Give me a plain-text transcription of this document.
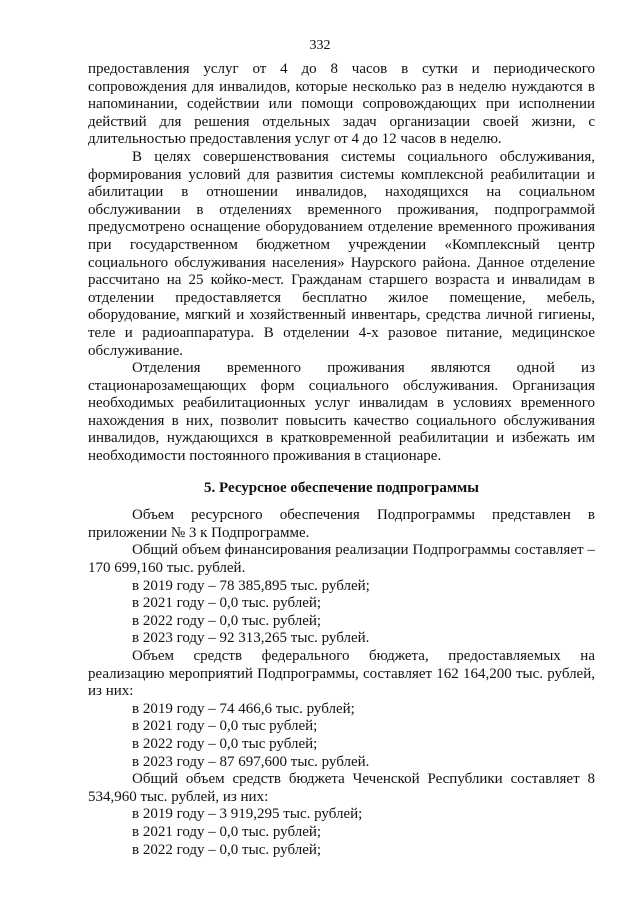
332

предоставления услуг от 4 до 8 часов в сутки и периодического сопровождения для инвалидов, которые несколько раз в неделю нуждаются в напоминании, содействии или помощи сопровождающих при исполнении действий для решения отдельных задач организации своей жизни, с длительностью предоставления услуг от 4 до 12 часов в неделю.

В целях совершенствования системы социального обслуживания, формирования условий для развития системы комплексной реабилитации и абилитации в отношении инвалидов, находящихся на социальном обслуживании в отделениях временного проживания, подпрограммой предусмотрено оснащение оборудованием отделение временного проживания при государственном бюджетном учреждении «Комплексный центр социального обслуживания населения» Наурского района. Данное отделение рассчитано на 25 койко-мест. Гражданам старшего возраста и инвалидам в отделении предоставляется бесплатно жилое помещение, мебель, оборудование, мягкий и хозяйственный инвентарь, средства личной гигиены, теле и радиоаппаратура. В отделении 4-х разовое питание, медицинское обслуживание.

Отделения временного проживания являются одной из стационарозамещающих форм социального обслуживания. Организация необходимых реабилитационных услуг инвалидам в условиях временного нахождения в них, позволит повысить качество социального обслуживания инвалидов, нуждающихся в кратковременной реабилитации и избежать им необходимости постоянного проживания в стационаре.

5. Ресурсное обеспечение подпрограммы

Объем ресурсного обеспечения Подпрограммы представлен в приложении № 3 к Подпрограмме.

Общий объем финансирования реализации Подпрограммы составляет – 170 699,160 тыс. рублей.

в 2019 году – 78 385,895 тыс. рублей;

в 2021 году – 0,0 тыс. рублей;

в 2022 году – 0,0 тыс. рублей;

в 2023 году – 92 313,265 тыс. рублей.

Объем средств федерального бюджета, предоставляемых на реализацию мероприятий Подпрограммы, составляет 162 164,200 тыс. рублей, из них:

в 2019 году – 74 466,6 тыс. рублей;

в 2021 году – 0,0 тыс рублей;

в 2022 году – 0,0 тыс рублей;

в 2023 году – 87 697,600 тыс. рублей.

Общий объем средств бюджета Чеченской Республики составляет 8 534,960 тыс. рублей, из них:

в 2019 году – 3 919,295 тыс. рублей;

в 2021 году – 0,0 тыс. рублей;

в 2022 году – 0,0 тыс. рублей;
